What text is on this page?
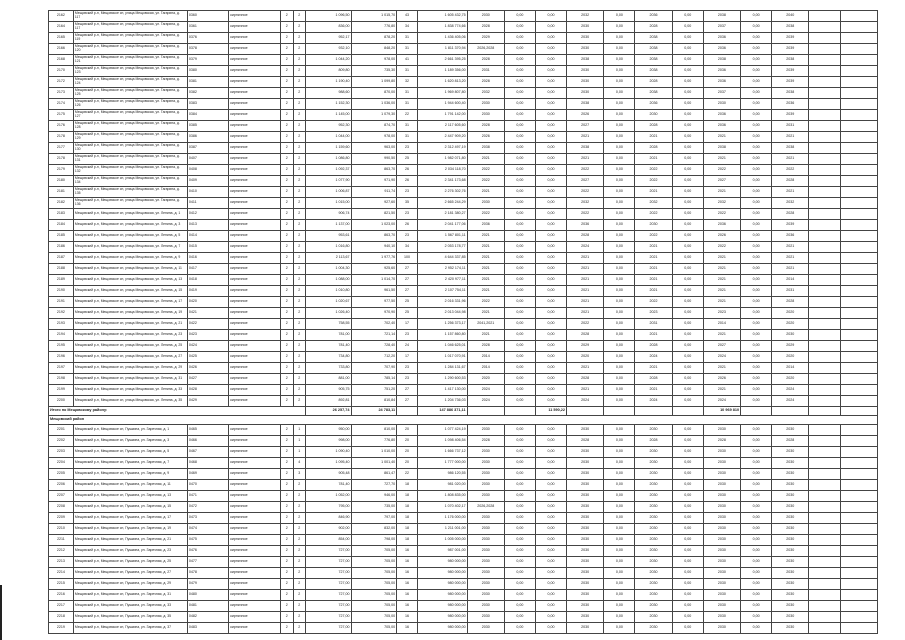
2162	Мещовский р-н, Мещовское сп, улица Мещовская, ул. Гагарина, д. 117	0360	кирпичное	2	2	1 096,50	1 015,70	43	1 605 432,75	2030	0,00	0,00	2032	0,00	2036	0,00	2038	0,00	2040		
2164	Мещовский р-н, Мещовское сп, улица Мещовская, ул. Гагарина, д. 117	0361	кирпичное	2	2	836,00	776,80	34	1 838 774,66	2028	0,00	0,00	2030	0,00	2028	0,00	2037	0,00	2038		
2165	Мещовский р-н, Мещовское сп, улица Мещовская, ул. Гагарина, д. 119	0376	кирпичное	2	2	952,17	878,20	31	1 436 405,06	2029	0,00	0,00	2030	0,00	2038	0,00	2036	0,00	2039		
2166	Мещовский р-н, Мещовское сп, улица Мещовская, ул. Гагарина, д. 120	0378	кирпичное	2	2	932,10	848,20	31	1 811 370,94	2026,2028	0,00	0,00	2030	0,00	2038	0,00	2036	0,00	2039		
2168	Мещовский р-н, Мещовское сп, улица Мещовская, ул. Гагарина, д. 121	0379	кирпичное	2	2	1 044,20	978,00	41	2 661 395,25	2028	0,00	0,00	2038	0,00	2038	0,00	2038	0,00	2038		
2170	Мещовский р-н, Мещовское сп, улица Мещовская, ул. Гагарина, д. 123	0380	кирпичное	2	2	809,80	735,30	31	1 189 356,00	2031	0,00	0,00	2030	0,00	2038	0,00	2036	0,00	2039		
2172	Мещовский р-н, Мещовское сп, улица Мещовская, ул. Гагарина, д. 124	0381	кирпичное	2	2	1 190,40	1 099,80	32	1 620 813,20	2028	0,00	0,00	2030	0,00	2028	0,00	2036	0,00	2039		
2173	Мещовский р-н, Мещовское сп, улица Мещовская, ул. Гагарина, д. 125	0382	кирпичное	2	2	988,60	870,00	31	1 969 807,80	2032	0,00	0,00	2030	0,00	2038	0,00	2037	0,00	2038		
2174	Мещовский р-н, Мещовское сп, улица Мещовская, ул. Гагарина, д. 126	0383	кирпичное	2	2	1 152,30	1 036,00	31	1 944 600,40	2030	0,00	0,00	2038	0,00	2036	0,00	2030	0,00	2036		
2175	Мещовский р-н, Мещовское сп, улица Мещовская, ул. Гагарина, д. 127	0384	кирпичное	2	2	1 145,00	1 079,30	22	1 791 142,00	2030	0,00	0,00	2026	0,00	2030	0,00	2036	0,00	2039		
2176	Мещовский р-н, Мещовское сп, улица Мещовская, ул. Гагарина, д. 128	0385	кирпичное	2	2	952,30	874,70	31	2 117 605,60	2028	0,00	0,00	2027	0,00	2028	0,00	2036	0,00	2031		
2178	Мещовский р-н, Мещовское сп, улица Мещовская, ул. Гагарина, д. 129	0386	кирпичное	2	2	1 044,00	978,00	31	2 447 909,20	2026	0,00	0,00	2021	0,00	2021	0,00	2021	0,00	2021		
2177	Мещовский р-н, Мещовское сп, улица Мещовская, ул. Гагарина, д. 130	0387	кирпичное	2	2	1 159,60	963,00	23	2 312 497,19	2038	0,00	0,00	2038	0,00	2028	0,00	2038	0,00	2038		
2178	Мещовский р-н, Мещовское сп, улица Мещовская, ул. Гагарина, д. 131	0407	кирпичное	2	2	1 086,80	990,50	25	1 982 071,80	2021	0,00	0,00	2021	0,00	2021	0,00	2021	0,00	2021		
2179	Мещовский р-н, Мещовское сп, улица Мещовская, ул. Гагарина, д. 132	0408	кирпичное	2	2	1 092,37	863,70	26	2 034 118,70	2022	0,00	0,00	2022	0,00	2022	0,00	2022	0,00	2022		
2180	Мещовский р-н, Мещовское сп, улица Мещовская, ул. Гагарина, д. 134	0409	кирпичное	2	2	1 077,90	971,90	26	2 341 173,68	2022	0,00	0,00	2027	0,00	2022	0,00	2027	0,00	2028		
2181	Мещовский р-н, Мещовское сп, улица Мещовская, ул. Гагарина, д. 135	0410	кирпичное	2	2	1 006,87	911,74	23	2 276 302,76	2021	0,00	0,00	2022	0,00	2021	0,00	2021	0,00	2021		
2182	Мещовский р-н, Мещовское сп, улица Мещовская, ул. Гагарина, д. 136	0411	кирпичное	2	2	1 015,00	927,60	35	2 665 244,29	2030	0,00	0,00	2032	0,00	2032	0,00	2032	0,00	2032		
2183	Мещовский р-н, Мещовское сп, улица Мещовская, ул. Ленина, д. 1	0412	кирпичное	2	2	906,74	821,50	23	2 181 380,27	2022	0,00	0,00	2022	0,00	2022	0,00	2022	0,00	2028		
2184	Мещовский р-н, Мещовское сп, улица Мещовская, ул. Ленина, д. 3	0413	кирпичное	2	2	1 137,00	1 023,00	26	2 041 177,06	2036	0,00	0,00	2036	0,00	2030	0,00	2036	0,00	2039		
2185	Мещовский р-н, Мещовское сп, улица Мещовская, ул. Ленина, д. 5	0414	кирпичное	2	2	953,61	863,70	23	1 567 801,11	2021	0,00	0,00	2028	0,00	2022	0,00	2026	0,00	2036		
2186	Мещовский р-н, Мещовское сп, улица Мещовская, ул. Ленина, д. 7	0415	кирпичное	2	2	1 016,80	940,10	34	2 053 178,77	2021	0,00	0,00	2024	0,00	2021	0,00	2022	0,00	2021		
2187	Мещовский р-н, Мещовское сп, улица Мещовская, ул. Ленина, д. 9	0416	кирпичное	2	2	2 113,67	1 977,76	100	4 644 337,85	2021	0,00	0,00	2021	0,00	2021	0,00	2021	0,00	2021		
2188	Мещовский р-н, Мещовское сп, улица Мещовская, ул. Ленина, д. 11	0417	кирпичное	2	2	1 004,30	925,60	27	2 952 174,11	2021	0,00	0,00	2021	0,00	2021	0,00	2021	0,00	2021		
2189	Мещовский р-н, Мещовское сп, улица Мещовская, ул. Ленина, д. 13	0418	кирпичное	2	2	1 088,00	1 014,70	27	2 420 977,11	2021	0,00	0,00	2021	0,00	2021	0,00	2021	0,00	2014		
2190	Мещовский р-н, Мещовское сп, улица Мещовская, ул. Ленина, д. 15	0419	кирпичное	2	2	1 010,80	961,50	27	2 107 754,11	2021	0,00	0,00	2021	0,00	2021	0,00	2021	0,00	2031		
2191	Мещовский р-н, Мещовское сп, улица Мещовская, ул. Ленина, д. 17	0420	кирпичное	2	2	1 020,67	977,50	25	2 016 331,96	2022	0,00	0,00	2021	0,00	2022	0,00	2021	0,00	2028		
2192	Мещовский р-н, Мещовское сп, улица Мещовская, ул. Ленина, д. 19	0421	кирпичное	2	2	1 026,40	970,90	25	2 013 044,98	2021	0,00	0,00	2021	0,00	2023	0,00	2023	0,00	2020		
2193	Мещовский р-н, Мещовское сп, улица Мещовская, ул. Ленина, д. 21	0422	кирпичное	2	2	758,55	702,40	17	1 256 373,17	2041,2021	0,00	0,00	2022	0,00	2031	0,00	2014	0,00	2020		
2194	Мещовский р-н, Мещовское сп, улица Мещовская, ул. Ленина, д. 23	0423	кирпичное	2	2	781,00	721,14	23	1 157 860,80	2021	0,00	0,00	2028	0,00	2021	0,00	2021	0,00	2030		
2195	Мещовский р-н, Мещовское сп, улица Мещовская, ул. Ленина, д. 25	0424	кирпичное	2	2	781,40	728,40	24	1 046 625,01	2028	0,00	0,00	2029	0,00	2028	0,00	2027	0,00	2029		
2196	Мещовский р-н, Мещовское сп, улица Мещовская, ул. Ленина, д. 27	0425	кирпичное	2	2	734,80	712,20	17	1 017 070,91	2014	0,00	0,00	2020	0,00	2024	0,00	2024	0,00	2020		
2197	Мещовский р-н, Мещовское сп, улица Мещовская, ул. Ленина, д. 29	0426	кирпичное	2	2	733,80	707,90	23	1 284 131,67	2014	0,00	0,00	2021	0,00	2021	0,00	2021	0,00	2014		
2198	Мещовский р-н, Мещовское сп, улица Мещовская, ул. Ленина, д. 31	0427	кирпичное	2	2	881,00	785,14	23	1 290 600,53	2020	0,00	0,00	2028	0,00	2028	0,00	2026	0,00	2020		
2199	Мещовский р-н, Мещовское сп, улица Мещовская, ул. Ленина, д. 33	0428	кирпичное	2	2	905,75	751,20	27	1 417 130,00	2024	0,00	0,00	2021	0,00	2021	0,00	2021	0,00	2024		
2200	Мещовский р-н, Мещовское сп, улица Мещовская, ул. Ленина, д. 35	0429	кирпичное	2	2	892,81	810,84	27	1 204 736,03	2024	0,00	0,00	2024	0,00	2024	0,00	2024	0,00	2024		
Итого по Мещовскому району:						26 257,74	24 783,11		147 886 371,11			11 590,22					10 969 810				
Мещовский район																					
2201	Мещовский р-н, Мещовское сп, Пушкина, ул. Заречная, д. 1	0465	кирпичное	2	1	950,00	810,00	20	1 077 424,19	2030	0,00	0,00	2030	0,00	2030	0,00	2030	0,00	2030		
2202	Мещовский р-н, Мещовское сп, Пушкина, ул. Заречная, д. 3	0466	кирпичное	2	1	998,00	776,80	20	1 098 406,54	2028	0,00	0,00	2028	0,00	2028	0,00	2028	0,00	2028		
2203	Мещовский р-н, Мещовское сп, Пушкина, ул. Заречная, д. 5	0467	кирпичное	2	1	1 090,40	1 010,00	20	1 666 737,12	2030	0,00	0,00	2030	0,00	2030	0,00	2030	0,00	2030		
2204	Мещовский р-н, Мещовское сп, Пушкина, ул. Заречная, д. 7	0468	кирпичное	2	4	1 095,40	1 001,40	20	1 777 000,00	2030	0,00	0,00	2030	0,00	2030	0,00	2030	0,00	2030		
2205	Мещовский р-н, Мещовское сп, Пушкина, ул. Заречная, д. 9	0469	кирпичное	2	3	905,48	861,47	22	986 120,55	2030	0,00	0,00	2030	0,00	2030	0,00	2030	0,00	2030		
2206	Мещовский р-н, Мещовское сп, Пушкина, ул. Заречная, д. 11	0470	кирпичное	2	2	781,40	727,70	18	981 020,00	2030	0,00	0,00	2030	0,00	2030	0,00	2030	0,00	2030		
2207	Мещовский р-н, Мещовское сп, Пушкина, ул. Заречная, д. 13	0471	кирпичное	2	2	1 052,00	946,00	18	1 808 835,00	2030	0,00	0,00	2030	0,00	2030	0,00	2030	0,00	2030		
2208	Мещовский р-н, Мещовское сп, Пушкина, ул. Заречная, д. 15	0472	кирпичное	2	2	795,00	735,00	18	1 070 402,17	2026,2028	0,00	0,00	2030	0,00	2030	0,00	2030	0,00	2030		
2209	Мещовский р-н, Мещовское сп, Пушкина, ул. Заречная, д. 17	0473	кирпичное	2	2	846,90	797,00	18	1 176 000,00	2030	0,00	0,00	2030	0,00	2030	0,00	2030	0,00	2030		
2210	Мещовский р-н, Мещовское сп, Пушкина, ул. Заречная, д. 19	0474	кирпичное	2	2	902,00	832,00	18	1 211 001,00	2030	0,00	0,00	2030	0,00	2030	0,00	2030	0,00	2030		
2211	Мещовский р-н, Мещовское сп, Пушкина, ул. Заречная, д. 21	0475	кирпичное	2	2	854,00	798,00	18	1 005 000,00	2030	0,00	0,00	2030	0,00	2030	0,00	2030	0,00	2030		
2212	Мещовский р-н, Мещовское сп, Пушкина, ул. Заречная, д. 23	0476	кирпичное	2	2	727,00	705,00	16	987 001,00	2030	0,00	0,00	2030	0,00	2030	0,00	2030	0,00	2030		
2213	Мещовский р-н, Мещовское сп, Пушкина, ул. Заречная, д. 25	0477	кирпичное	2	2	727,00	705,00	16	980 000,00	2030	0,00	0,00	2030	0,00	2030	0,00	2030	0,00	2030		
2214	Мещовский р-н, Мещовское сп, Пушкина, ул. Заречная, д. 27	0478	кирпичное	2	2	727,00	705,00	16	980 000,00	2030	0,00	0,00	2030	0,00	2030	0,00	2030	0,00	2030		
2215	Мещовский р-н, Мещовское сп, Пушкина, ул. Заречная, д. 29	0479	кирпичное	2	2	727,00	705,00	16	980 000,00	2030	0,00	0,00	2030	0,00	2030	0,00	2030	0,00	2030		
2216	Мещовский р-н, Мещовское сп, Пушкина, ул. Заречная, д. 31	0480	кирпичное	2	2	727,00	705,00	16	980 000,00	2030	0,00	0,00	2030	0,00	2030	0,00	2030	0,00	2030		
2217	Мещовский р-н, Мещовское сп, Пушкина, ул. Заречная, д. 33	0481	кирпичное	2	2	727,00	705,00	16	980 000,00	2030	0,00	0,00	2030	0,00	2030	0,00	2030	0,00	2030		
2218	Мещовский р-н, Мещовское сп, Пушкина, ул. Заречная, д. 35	0482	кирпичное	2	2	727,00	705,00	16	980 000,00	2030	0,00	0,00	2030	0,00	2030	0,00	2030	0,00	2030		
2219	Мещовский р-н, Мещовское сп, Пушкина, ул. Заречная, д. 37	0483	кирпичное	2	2	727,00	705,00	16	980 000,00	2030	0,00	0,00	2030	0,00	2030	0,00	2030	0,00	2030		
